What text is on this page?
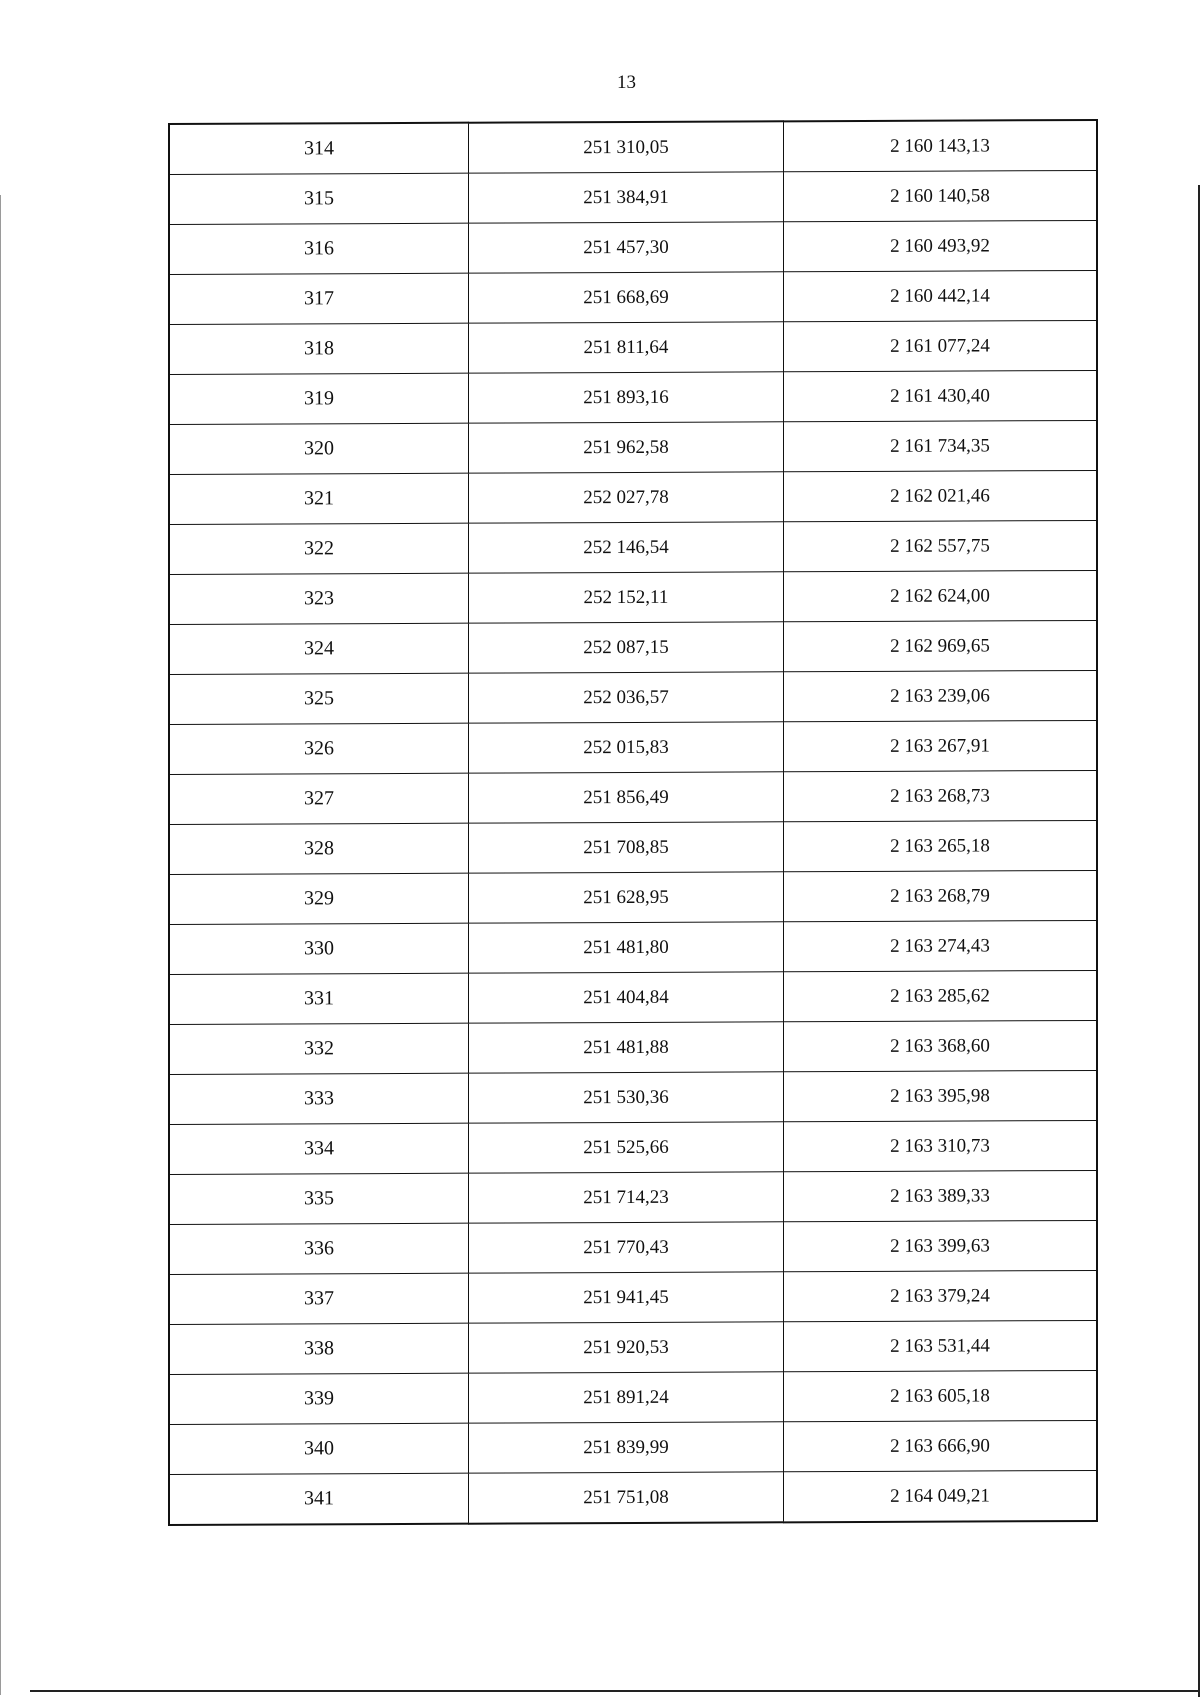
13
314	251 310,05	2 160 143,13
315	251 384,91	2 160 140,58
316	251 457,30	2 160 493,92
317	251 668,69	2 160 442,14
318	251 811,64	2 161 077,24
319	251 893,16	2 161 430,40
320	251 962,58	2 161 734,35
321	252 027,78	2 162 021,46
322	252 146,54	2 162 557,75
323	252 152,11	2 162 624,00
324	252 087,15	2 162 969,65
325	252 036,57	2 163 239,06
326	252 015,83	2 163 267,91
327	251 856,49	2 163 268,73
328	251 708,85	2 163 265,18
329	251 628,95	2 163 268,79
330	251 481,80	2 163 274,43
331	251 404,84	2 163 285,62
332	251 481,88	2 163 368,60
333	251 530,36	2 163 395,98
334	251 525,66	2 163 310,73
335	251 714,23	2 163 389,33
336	251 770,43	2 163 399,63
337	251 941,45	2 163 379,24
338	251 920,53	2 163 531,44
339	251 891,24	2 163 605,18
340	251 839,99	2 163 666,90
341	251 751,08	2 164 049,21
